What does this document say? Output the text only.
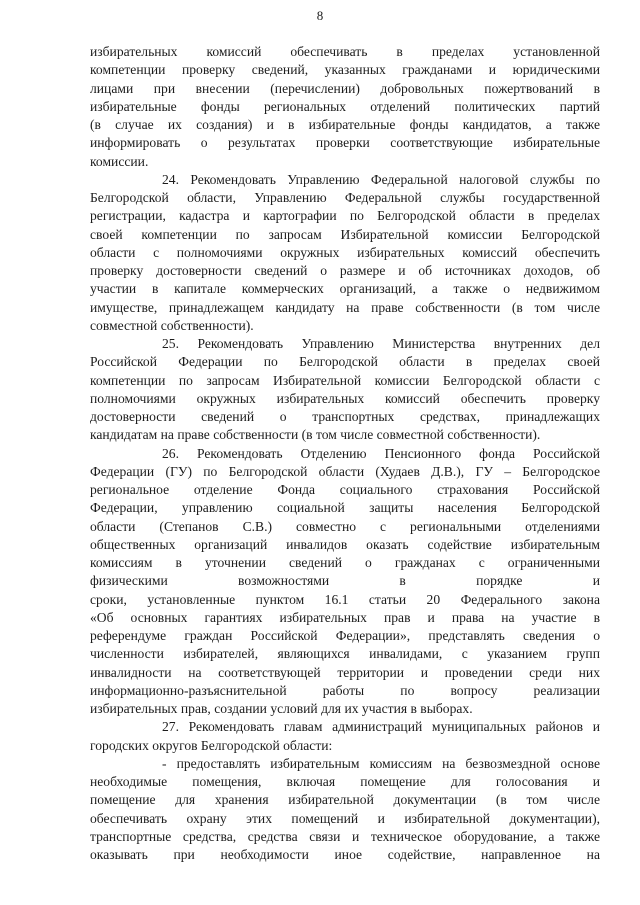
8
избирательных комиссий обеспечивать в пределах установленной
компетенции проверку сведений, указанных гражданами и юридическими
лицами при внесении (перечислении) добровольных пожертвований в
избирательные фонды региональных отделений политических партий
(в случае их создания) и в избирательные фонды кандидатов, а также
информировать о результатах проверки соответствующие избирательные
комиссии.
24. Рекомендовать Управлению Федеральной налоговой службы по
Белгородской области, Управлению Федеральной службы государственной
регистрации, кадастра и картографии по Белгородской области в пределах
своей компетенции по запросам Избирательной комиссии Белгородской
области с полномочиями окружных избирательных комиссий обеспечить
проверку достоверности сведений о размере и об источниках доходов, об
участии в капитале коммерческих организаций, а также о недвижимом
имуществе, принадлежащем кандидату на праве собственности (в том числе
совместной собственности).
25. Рекомендовать Управлению Министерства внутренних дел
Российской Федерации по Белгородской области в пределах своей
компетенции по запросам Избирательной комиссии Белгородской области с
полномочиями окружных избирательных комиссий обеспечить проверку
достоверности сведений о транспортных средствах, принадлежащих
кандидатам на праве собственности (в том числе совместной собственности).
26. Рекомендовать Отделению Пенсионного фонда Российской
Федерации (ГУ) по Белгородской области (Худаев Д.В.), ГУ – Белгородское
региональное отделение Фонда социального страхования Российской
Федерации, управлению социальной защиты населения Белгородской
области (Степанов С.В.) совместно с региональными отделениями
общественных организаций инвалидов оказать содействие избирательным
комиссиям в уточнении сведений о гражданах с ограниченными
физическими возможностями в порядке и
сроки, установленные пунктом 16.1 статьи 20 Федерального закона
«Об основных гарантиях избирательных прав и права на участие в
референдуме граждан Российской Федерации», представлять сведения о
численности избирателей, являющихся инвалидами, с указанием групп
инвалидности на соответствующей территории и проведении среди них
информационно-разъяснительной работы по вопросу реализации
избирательных прав, создании условий для их участия в выборах.
27. Рекомендовать главам администраций муниципальных районов и
городских округов Белгородской области:
- предоставлять избирательным комиссиям на безвозмездной основе
необходимые помещения, включая помещение для голосования и
помещение для хранения избирательной документации (в том числе
обеспечивать охрану этих помещений и избирательной документации),
транспортные средства, средства связи и техническое оборудование, а также
оказывать при необходимости иное содействие, направленное на
